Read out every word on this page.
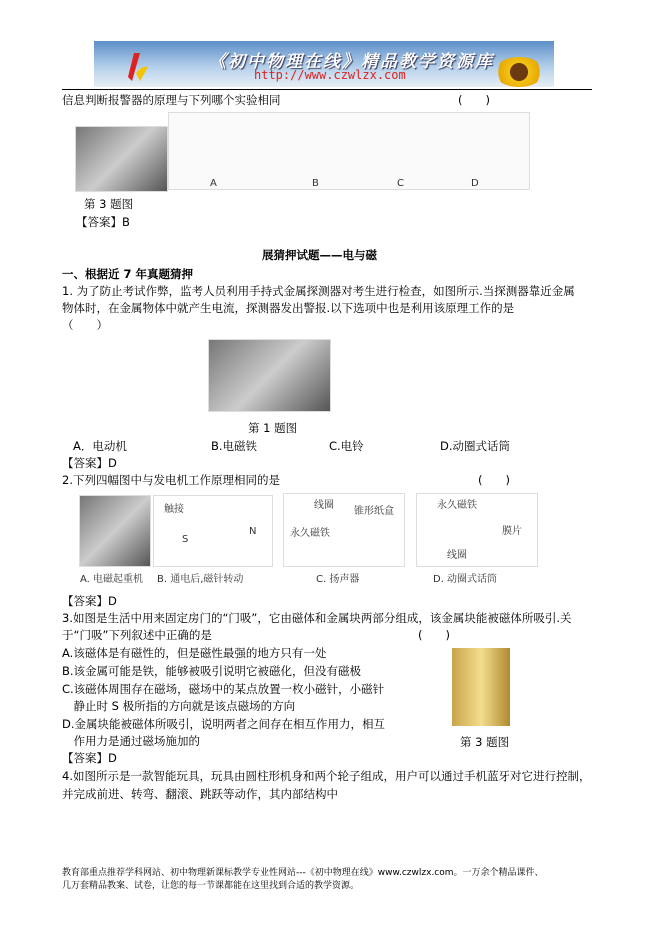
《初中物理在线》精品教学资源库
http://www.czwlzx.com
信息判断报警器的原理与下列哪个实验相同	(　　)
A	B	C	D
第 3 题图
【答案】B
展猜押试题——电与磁
一、根据近 7 年真题猜押
1. 为了防止考试作弊，监考人员利用手持式金属探测器对考生进行检查，如图所示.当探测器靠近金属
物体时，在金属物体中就产生电流，探测器发出警报.以下选项中也是利用该原理工作的是
（　　）
第 1 题图
A．电动机	B.电磁铁	C.电铃	D.动圈式话筒
【答案】D
2.下列四幅图中与发电机工作原理相同的是	(　　)
触接
S
N
线圈
锥形纸盒
永久磁铁
永久磁铁
膜片
线圈
A. 电磁起重机 B. 通电后,磁针转动	C. 扬声器	D. 动圈式话筒
【答案】D
3.如图是生活中用来固定房门的“门吸”，它由磁体和金属块两部分组成，该金属块能被磁体所吸引.关
于“门吸”下列叙述中正确的是	(　　)
A.该磁体是有磁性的，但是磁性最强的地方只有一处
B.该金属可能是铁，能够被吸引说明它被磁化，但没有磁极
C.该磁体周围存在磁场，磁场中的某点放置一枚小磁针，小磁针
　静止时 S 极所指的方向就是该点磁场的方向
D.金属块能被磁体所吸引，说明两者之间存在相互作用力，相互
　作用力是通过磁场施加的	第 3 题图
【答案】D
4.如图所示是一款智能玩具，玩具由圆柱形机身和两个轮子组成，用户可以通过手机蓝牙对它进行控制，
并完成前进、转弯、翻滚、跳跃等动作，其内部结构中
教育部重点推荐学科网站、初中物理新课标教学专业性网站---《初中物理在线》www.czwlzx.com。一万余个精品课件、
几万套精品教案、试卷，让您的每一节课都能在这里找到合适的教学资源。
